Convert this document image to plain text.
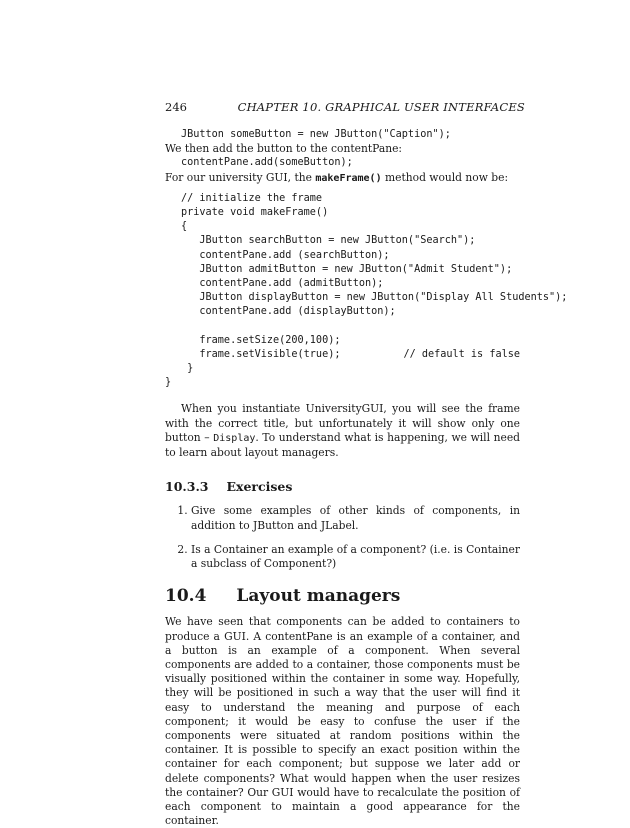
246	CHAPTER 10. GRAPHICAL USER INTERFACES
JButton someButton = new JButton("Caption");

We then add the button to the contentPane:

contentPane.add(someButton);

For our university GUI, the makeFrame() method would now be:

// initialize the frame
private void makeFrame()
{
JButton searchButton = new JButton("Search");
contentPane.add (searchButton);
JButton admitButton = new JButton("Admit Student");
contentPane.add (admitButton);
JButton displayButton = new JButton("Display All Students");
contentPane.add (displayButton);
frame.setSize(200,100);
frame.setVisible(true);	// default is false
}
}

When you instantiate UniversityGUI, you will see the frame with the correct title, but unfortunately it will show only one button – Display. To understand what is happening, we will need to learn about layout managers.

10.3.3 Exercises
1. Give some examples of other kinds of components, in addition to JButton and JLabel.
2. Is a Container an example of a component? (i.e. is Container a subclass of Component?)
10.4 Layout managers

We have seen that components can be added to containers to produce a GUI. A contentPane is an example of a container, and a button is an example of a component. When several components are added to a container, those components must be visually positioned within the container in some way. Hopefully, they will be positioned in such a way that the user will find it easy to understand the meaning and purpose of each component; it would be easy to confuse the user if the components were situated at random positions within the container. It is possible to specify an exact position within the container for each component; but suppose we later add or delete components? What would happen when the user resizes the container? Our GUI would have to recalculate the position of each component to maintain a good appearance for the container.
